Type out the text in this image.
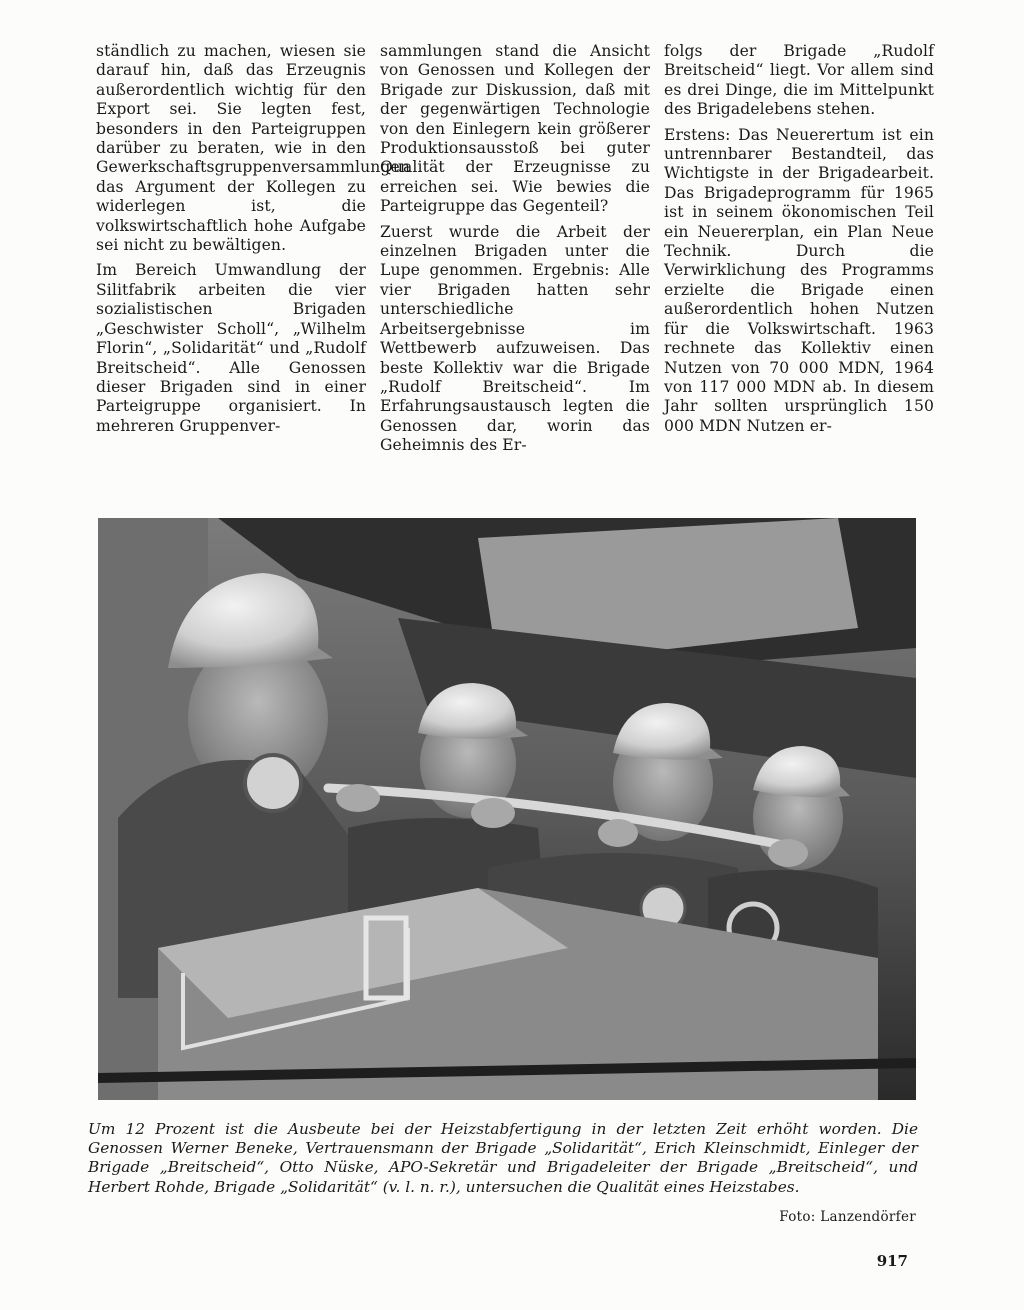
ständlich zu machen, wiesen sie darauf hin, daß das Erzeugnis außerordentlich wichtig für den Export sei. Sie legten fest, besonders in den Parteigruppen darüber zu beraten, wie in den Gewerkschaftsgruppenversammlungen das Argument der Kollegen zu widerlegen ist, die volkswirtschaftlich hohe Aufgabe sei nicht zu bewältigen.

Im Bereich Umwandlung der Silitfabrik arbeiten die vier sozialistischen Brigaden „Geschwister Scholl“, „Wilhelm Florin“, „Solidarität“ und „Rudolf Breitscheid“. Alle Genossen dieser Brigaden sind in einer Parteigruppe organisiert. In mehreren Gruppenver-

sammlungen stand die Ansicht von Genossen und Kollegen der Brigade zur Diskussion, daß mit der gegenwärtigen Technologie von den Einlegern kein größerer Produktionsausstoß bei guter Qualität der Erzeugnisse zu erreichen sei. Wie bewies die Parteigruppe das Gegenteil?

Zuerst wurde die Arbeit der einzelnen Brigaden unter die Lupe genommen. Ergebnis: Alle vier Brigaden hatten sehr unterschiedliche Arbeitsergebnisse im Wettbewerb aufzuweisen. Das beste Kollektiv war die Brigade „Rudolf Breitscheid“. Im Erfahrungsaustausch legten die Genossen dar, worin das Geheimnis des Er-

folgs der Brigade „Rudolf Breitscheid“ liegt. Vor allem sind es drei Dinge, die im Mittelpunkt des Brigadelebens stehen.

Erstens: Das Neuerertum ist ein untrennbarer Bestandteil, das Wichtigste in der Brigadearbeit. Das Brigadeprogramm für 1965 ist in seinem ökonomischen Teil ein Neuererplan, ein Plan Neue Technik. Durch die Verwirklichung des Programms erzielte die Brigade einen außerordentlich hohen Nutzen für die Volkswirtschaft. 1963 rechnete das Kollektiv einen Nutzen von 70 000 MDN, 1964 von 117 000 MDN ab. In diesem Jahr sollten ursprünglich 150 000 MDN Nutzen er-

Um 12 Prozent ist die Ausbeute bei der Heizstabfertigung in der letzten Zeit erhöht worden. Die Genossen Werner Beneke, Vertrauensmann der Brigade „Solidarität“, Erich Kleinschmidt, Einleger der Brigade „Breitscheid“, Otto Nüske, APO-Sekretär und Brigadeleiter der Brigade „Breitscheid“, und Herbert Rohde, Brigade „Solidarität“ (v. l. n. r.), untersuchen die Qualität eines Heizstabes.

Foto: Lanzendörfer
917
